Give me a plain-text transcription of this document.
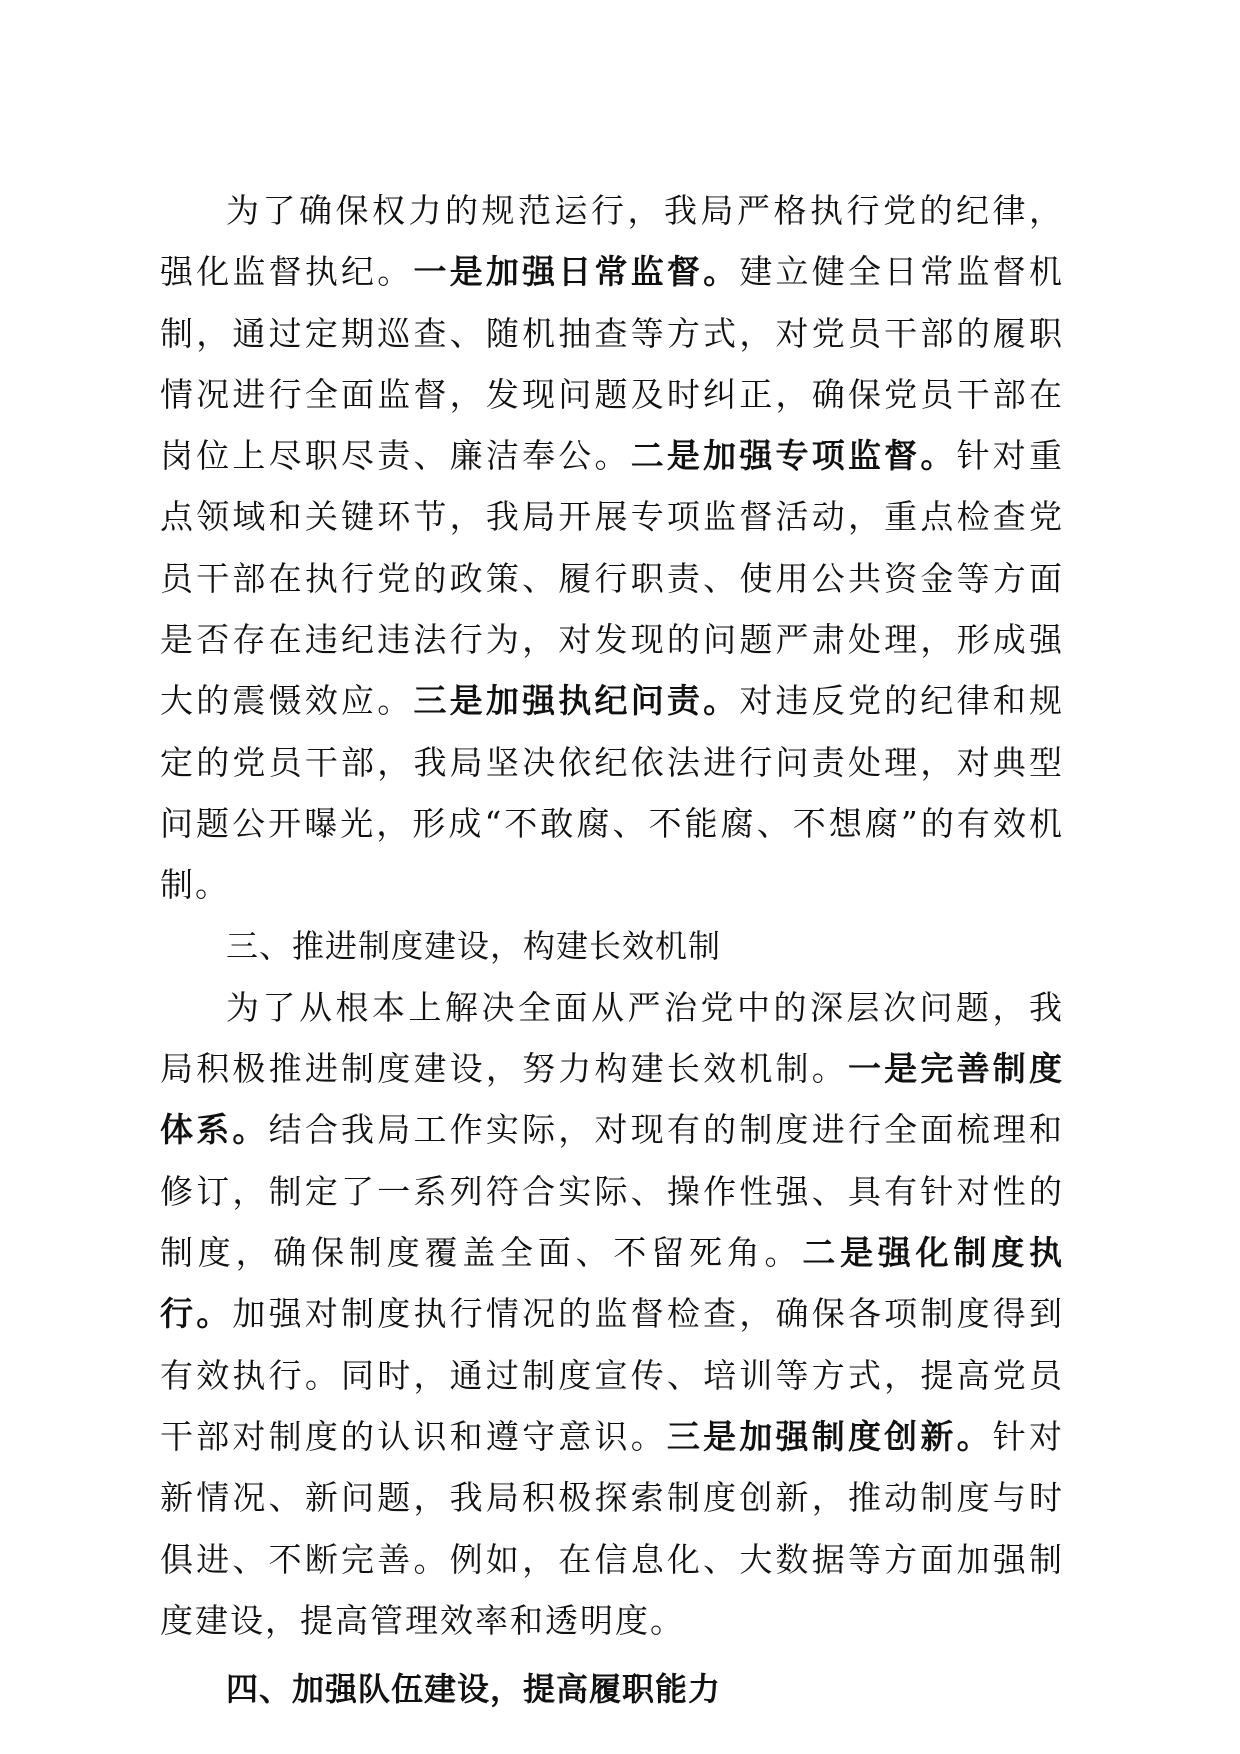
为了确保权力的规范运行，我局严格执行党的纪律，强化监督执纪。一是加强日常监督。建立健全日常监督机制，通过定期巡查、随机抽查等方式，对党员干部的履职情况进行全面监督，发现问题及时纠正，确保党员干部在岗位上尽职尽责、廉洁奉公。二是加强专项监督。针对重点领域和关键环节，我局开展专项监督活动，重点检查党员干部在执行党的政策、履行职责、使用公共资金等方面是否存在违纪违法行为，对发现的问题严肃处理，形成强大的震慑效应。三是加强执纪问责。对违反党的纪律和规定的党员干部，我局坚决依纪依法进行问责处理，对典型问题公开曝光，形成“不敢腐、不能腐、不想腐”的有效机制。

三、推进制度建设，构建长效机制

为了从根本上解决全面从严治党中的深层次问题，我局积极推进制度建设，努力构建长效机制。一是完善制度体系。结合我局工作实际，对现有的制度进行全面梳理和修订，制定了一系列符合实际、操作性强、具有针对性的制度，确保制度覆盖全面、不留死角。二是强化制度执行。加强对制度执行情况的监督检查，确保各项制度得到有效执行。同时，通过制度宣传、培训等方式，提高党员干部对制度的认识和遵守意识。三是加强制度创新。针对新情况、新问题，我局积极探索制度创新，推动制度与时俱进、不断完善。例如，在信息化、大数据等方面加强制度建设，提高管理效率和透明度。

四、加强队伍建设，提高履职能力
